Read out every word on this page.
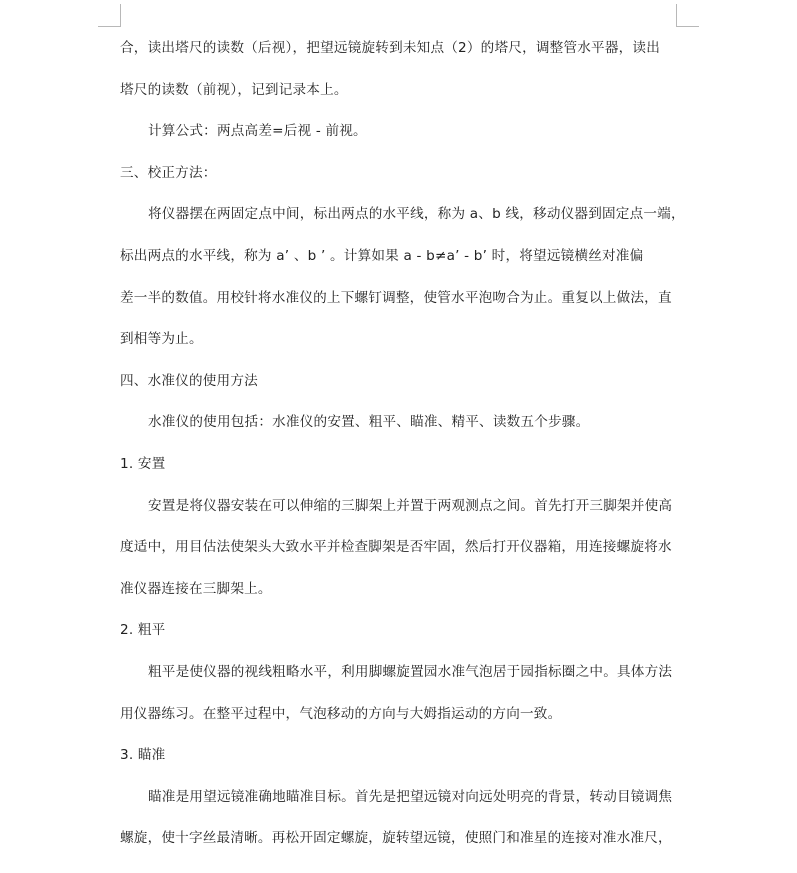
合，读出塔尺的读数（后视），把望远镜旋转到未知点（2）的塔尺，调整管水平器，读出
塔尺的读数（前视），记到记录本上。
计算公式：两点高差=后视 - 前视。
三、校正方法：
将仪器摆在两固定点中间，标出两点的水平线，称为 a、b 线，移动仪器到固定点一端，
标出两点的水平线，称为 a’ 、b ’ 。计算如果 a - b≠a’ - b’ 时，将望远镜横丝对准偏
差一半的数值。用校针将水准仪的上下螺钉调整，使管水平泡吻合为止。重复以上做法，直
到相等为止。
四、水准仪的使用方法
水准仪的使用包括：水准仪的安置、粗平、瞄准、精平、读数五个步骤。
1. 安置
安置是将仪器安装在可以伸缩的三脚架上并置于两观测点之间。首先打开三脚架并使高
度适中，用目估法使架头大致水平并检查脚架是否牢固，然后打开仪器箱，用连接螺旋将水
准仪器连接在三脚架上。
2. 粗平
粗平是使仪器的视线粗略水平，利用脚螺旋置园水准气泡居于园指标圈之中。具体方法
用仪器练习。在整平过程中，气泡移动的方向与大姆指运动的方向一致。
3. 瞄准
瞄准是用望远镜准确地瞄准目标。首先是把望远镜对向远处明亮的背景，转动目镜调焦
螺旋，使十字丝最清晰。再松开固定螺旋，旋转望远镜，使照门和准星的连接对准水准尺，
